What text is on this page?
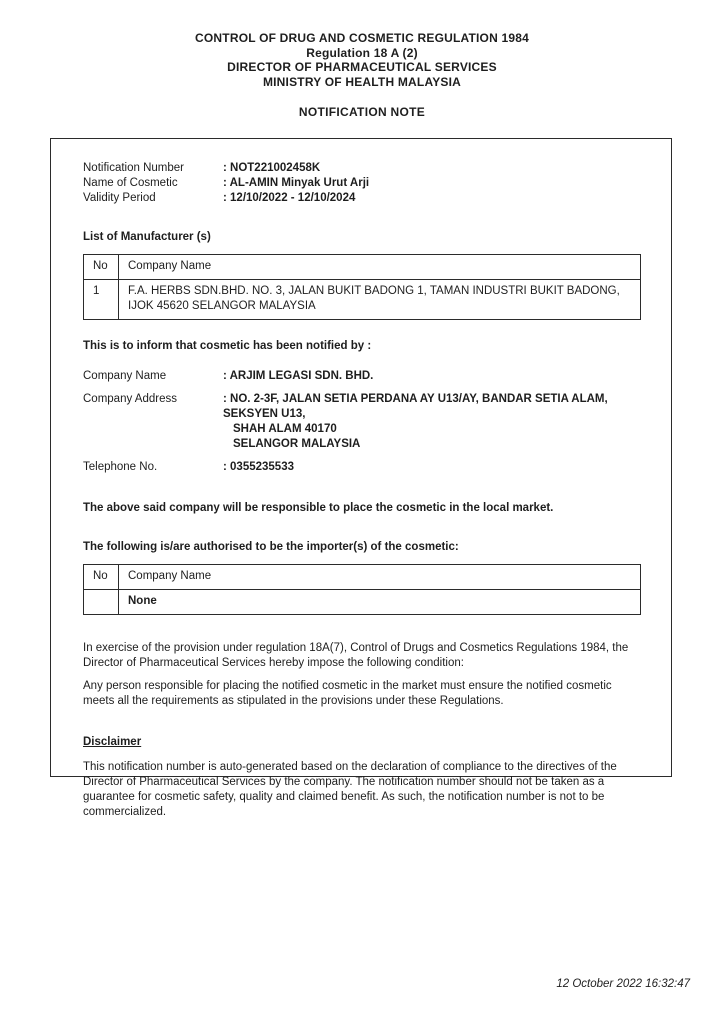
CONTROL OF DRUG AND COSMETIC REGULATION 1984
Regulation 18 A (2)
DIRECTOR OF PHARMACEUTICAL SERVICES
MINISTRY OF HEALTH MALAYSIA
NOTIFICATION NOTE
Notification Number	: NOT221002458K
Name of Cosmetic	: AL-AMIN Minyak Urut Arji
Validity Period	: 12/10/2022 - 12/10/2024
List of Manufacturer (s)
No	Company Name
1	F.A. HERBS SDN.BHD. NO. 3, JALAN BUKIT BADONG 1, TAMAN INDUSTRI BUKIT BADONG, IJOK 45620 SELANGOR MALAYSIA
This is to inform that cosmetic has been notified by :
Company Name	: ARJIM LEGASI SDN. BHD.
Company Address	: NO. 2-3F, JALAN SETIA PERDANA AY U13/AY, BANDAR SETIA ALAM,
SEKSYEN U13,
SHAH ALAM 40170
SELANGOR MALAYSIA
Telephone No.	: 0355235533
The above said company will be responsible to place the cosmetic in the local market.
The following is/are authorised to be the importer(s) of the cosmetic:
No	Company Name
	None
In exercise of the provision under regulation 18A(7), Control of Drugs and Cosmetics Regulations 1984, the Director of Pharmaceutical Services hereby impose the following condition:
Any person responsible for placing the notified cosmetic in the market must ensure the notified cosmetic meets all the requirements as stipulated in the provisions under these Regulations.
Disclaimer
This notification number is auto-generated based on the declaration of compliance to the directives of the Director of Pharmaceutical Services by the company. The notification number should not be taken as a guarantee for cosmetic safety, quality and claimed benefit. As such, the notification number is not to be commercialized.
12 October 2022 16:32:47
